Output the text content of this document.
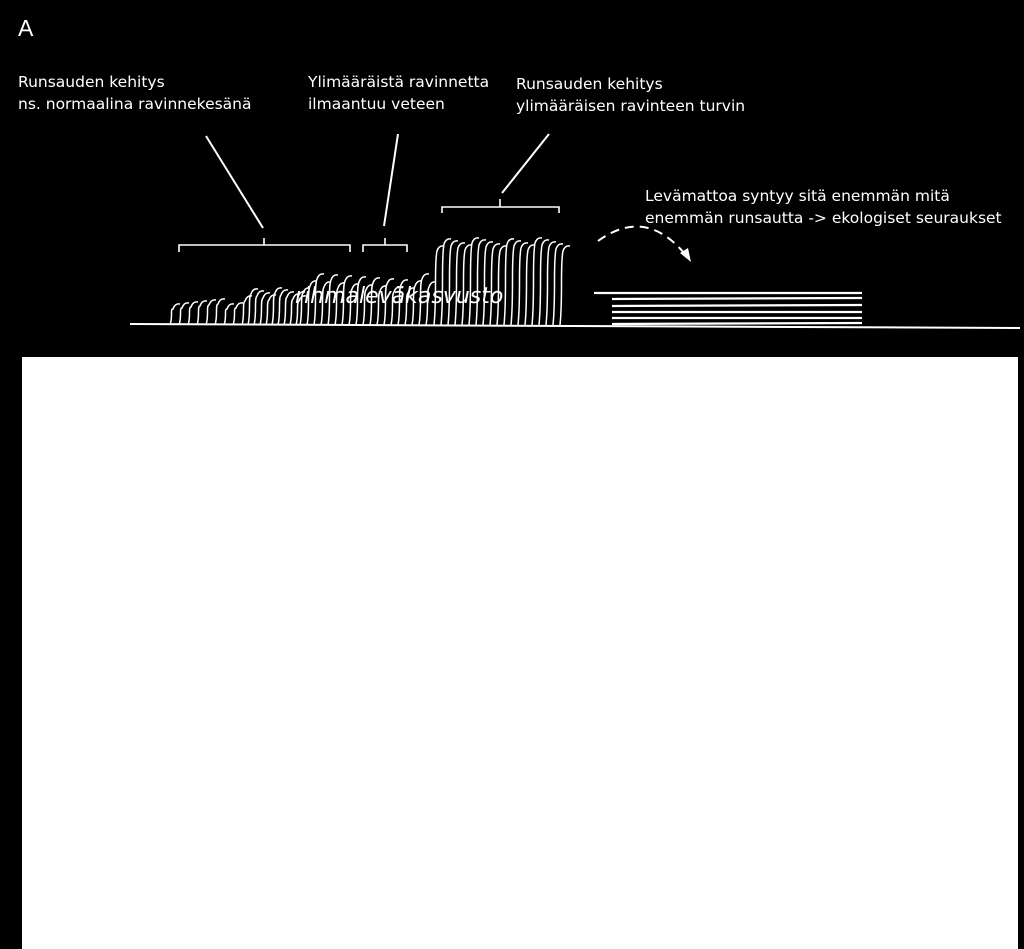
A
Runsauden kehitys
ns. normaalina ravinnekesänä
Ylimääräistä ravinnetta
ilmaantuu veteen
Runsauden kehitys
ylimääräisen ravinteen turvin
Levämattoa syntyy sitä enemmän mitä
enemmän runsautta -> ekologiset seuraukset
rihmaleväkasvusto
